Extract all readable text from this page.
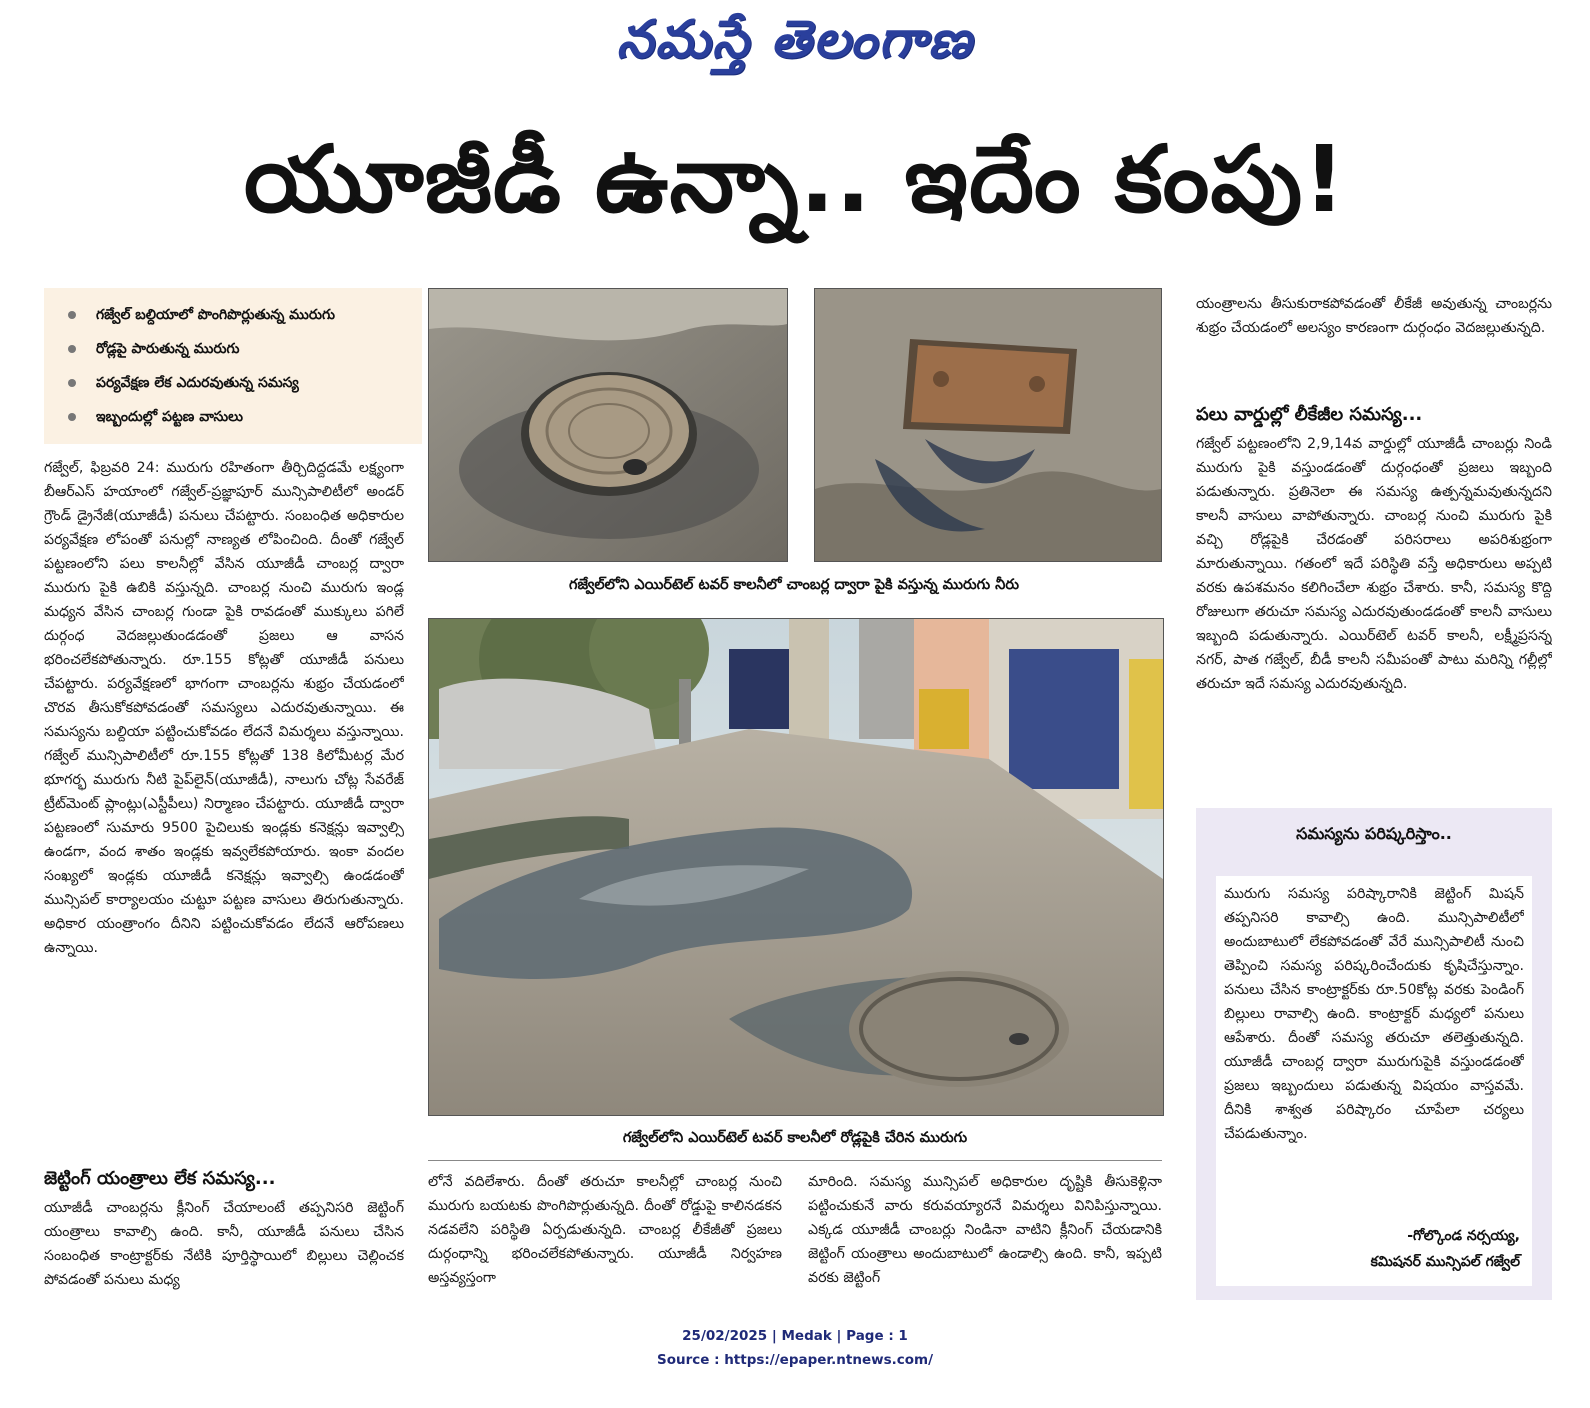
నమస్తే తెలంగాణ
యూజీడీ ఉన్నా.. ఇదేం కంపు!
గజ్వేల్ బల్దియాలో పొంగిపొర్లుతున్న మురుగు
రోడ్లపై పారుతున్న మురుగు
పర్యవేక్షణ లేక ఎదురవుతున్న సమస్య
ఇబ్బందుల్లో పట్టణ వాసులు
గజ్వేల్, ఫిబ్రవరి 24: మురుగు రహితంగా తీర్చిదిద్దడమే లక్ష్యంగా బీఆర్ఎస్ హయాంలో గజ్వేల్-ప్రజ్ఞాపూర్ మున్సిపాలిటీలో అండర్ గ్రౌండ్ డ్రైనేజీ(యూజీడీ) పనులు చేపట్టారు. సంబంధిత అధికారుల పర్యవేక్షణ లోపంతో పనుల్లో నాణ్యత లోపించింది. దీంతో గజ్వేల్ పట్టణంలోని పలు కాలనీల్లో వేసిన యూజీడీ చాంబర్ల ద్వారా మురుగు పైకి ఉబికి వస్తున్నది. చాంబర్ల నుంచి మురుగు ఇండ్ల మధ్యన వేసిన చాంబర్ల గుండా పైకి రావడంతో ముక్కులు పగిలే దుర్గంధ వెదజల్లుతుండడంతో ప్రజలు ఆ వాసన భరించలేకపోతున్నారు. రూ.155 కోట్లతో యూజీడీ పనులు చేపట్టారు. పర్యవేక్షణలో భాగంగా చాంబర్లను శుభ్రం చేయడంలో చొరవ తీసుకోకపోవడంతో సమస్యలు ఎదురవుతున్నాయి. ఈ సమస్యను బల్దియా పట్టించుకోవడం లేదనే విమర్శలు వస్తున్నాయి. గజ్వేల్ మున్సిపాలిటీలో రూ.155 కోట్లతో 138 కిలోమీటర్ల మేర భూగర్భ మురుగు నీటి పైప్‌లైన్(యూజీడీ), నాలుగు చోట్ల సేవరేజ్ ట్రీట్‌మెంట్ ప్లాంట్లు(ఎస్టీపీలు) నిర్మాణం చేపట్టారు. యూజీడీ ద్వారా పట్టణంలో సుమారు 9500 పైచిలుకు ఇండ్లకు కనెక్షన్లు ఇవ్వాల్సి ఉండగా, వంద శాతం ఇండ్లకు ఇవ్వలేకపోయారు. ఇంకా వందల సంఖ్యలో ఇండ్లకు యూజీడీ కనెక్షన్లు ఇవ్వాల్సి ఉండడంతో మున్సిపల్ కార్యాలయం చుట్టూ పట్టణ వాసులు తిరుగుతున్నారు. అధికార యంత్రాంగం దీనిని పట్టించుకోవడం లేదనే ఆరోపణలు ఉన్నాయి.
జెట్టింగ్ యంత్రాలు లేక సమస్య...
యూజీడీ చాంబర్లను క్లీనింగ్ చేయాలంటే తప్పనిసరి జెట్టింగ్ యంత్రాలు కావాల్సి ఉంది. కానీ, యూజీడీ పనులు చేసిన సంబంధిత కాంట్రాక్టర్‌కు నేటికి పూర్తిస్థాయిలో బిల్లులు చెల్లించక పోవడంతో పనులు మధ్య
గజ్వేల్‌లోని ఎయిర్‌టెల్ టవర్ కాలనీలో చాంబర్ల ద్వారా పైకి వస్తున్న మురుగు నీరు
గజ్వేల్‌లోని ఎయిర్‌టెల్ టవర్ కాలనీలో రోడ్లపైకి చేరిన మురుగు
లోనే వదిలేశారు. దీంతో తరుచూ కాలనీల్లో చాంబర్ల నుంచి మురుగు బయటకు పొంగిపొర్లుతున్నది. దీంతో రోడ్డుపై కాలినడకన నడవలేని పరిస్థితి ఏర్పడుతున్నది. చాంబర్ల లీకేజీతో ప్రజలు దుర్గంధాన్ని భరించలేకపోతున్నారు. యూజీడీ నిర్వహణ అస్తవ్యస్తంగా
మారింది. సమస్య మున్సిపల్ అధికారుల దృష్టికి తీసుకెళ్లినా పట్టించుకునే వారు కరువయ్యారనే విమర్శలు వినిపిస్తున్నాయి. ఎక్కడ యూజీడీ చాంబర్లు నిండినా వాటిని క్లీనింగ్ చేయడానికి జెట్టింగ్ యంత్రాలు అందుబాటులో ఉండాల్సి ఉంది. కానీ, ఇప్పటి వరకు జెట్టింగ్
యంత్రాలను తీసుకురాకపోవడంతో లీకేజీ అవుతున్న చాంబర్లను శుభ్రం చేయడంలో అలస్యం కారణంగా దుర్గంధం వెదజల్లుతున్నది.
పలు వార్డుల్లో లీకేజీల సమస్య...
గజ్వేల్ పట్టణంలోని 2,9,14వ వార్డుల్లో యూజీడీ చాంబర్లు నిండి మురుగు పైకి వస్తుండడంతో దుర్గంధంతో ప్రజలు ఇబ్బంది పడుతున్నారు. ప్రతినెలా ఈ సమస్య ఉత్పన్నమవుతున్నదని కాలనీ వాసులు వాపోతున్నారు. చాంబర్ల నుంచి మురుగు పైకి వచ్చి రోడ్లపైకి చేరడంతో పరిసరాలు అపరిశుభ్రంగా మారుతున్నాయి. గతంలో ఇదే పరిస్థితి వస్తే అధికారులు అప్పటి వరకు ఉపశమనం కలిగించేలా శుభ్రం చేశారు. కానీ, సమస్య కొద్ది రోజులుగా తరుచూ సమస్య ఎదురవుతుండడంతో కాలనీ వాసులు ఇబ్బంది పడుతున్నారు. ఎయిర్‌టెల్ టవర్ కాలనీ, లక్ష్మీప్రసన్న నగర్, పాత గజ్వేల్, బీడీ కాలనీ సమీపంతో పాటు మరిన్ని గల్లీల్లో తరుచూ ఇదే సమస్య ఎదురవుతున్నది.
సమస్యను పరిష్కరిస్తాం..
మురుగు సమస్య పరిష్కారానికి జెట్టింగ్ మిషన్ తప్పనిసరి కావాల్సి ఉంది. మున్సిపాలిటీలో అందుబాటులో లేకపోవడంతో వేరే మున్సిపాలిటీ నుంచి తెప్పించి సమస్య పరిష్కరించేందుకు కృషిచేస్తున్నాం. పనులు చేసిన కాంట్రాక్టర్‌కు రూ.50కోట్ల వరకు పెండింగ్ బిల్లులు రావాల్సి ఉంది. కాంట్రాక్టర్ మధ్యలో పనులు ఆపేశారు. దీంతో సమస్య తరుచూ తలెత్తుతున్నది. యూజీడీ చాంబర్ల ద్వారా మురుగుపైకి వస్తుండడంతో ప్రజలు ఇబ్బందులు పడుతున్న విషయం వాస్తవమే. దీనికి శాశ్వత పరిష్కారం చూపేలా చర్యలు చేపడుతున్నాం.
-గోల్కొండ నర్సయ్య,
కమిషనర్ మున్సిపల్ గజ్వేల్
25/02/2025 | Medak | Page : 1
Source : https://epaper.ntnews.com/
